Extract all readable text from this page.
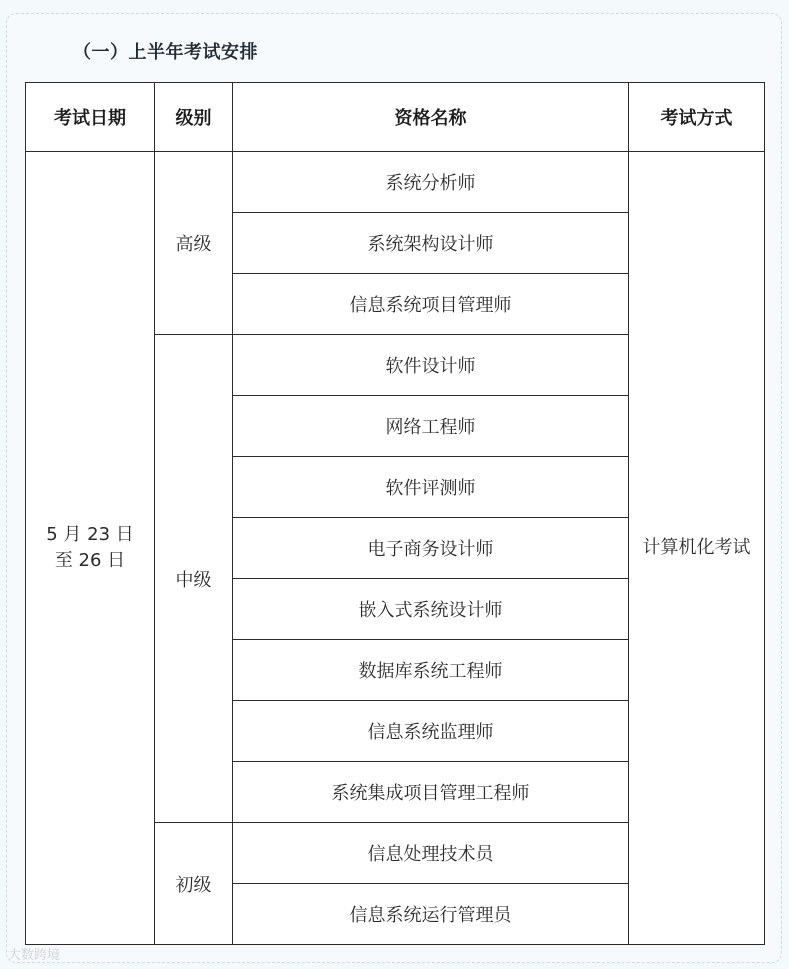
（一）上半年考试安排
考试日期	级别	资格名称	考试方式

5 月 23 日
至 26 日	高级	系统分析师	计算机化考试
		系统架构设计师	
		信息系统项目管理师	
	中级	软件设计师	
		网络工程师	
		软件评测师	
		电子商务设计师	
		嵌入式系统设计师	
		数据库系统工程师	
		信息系统监理师	
		系统集成项目管理工程师	
	初级	信息处理技术员	
		信息系统运行管理员	
大数跨境
